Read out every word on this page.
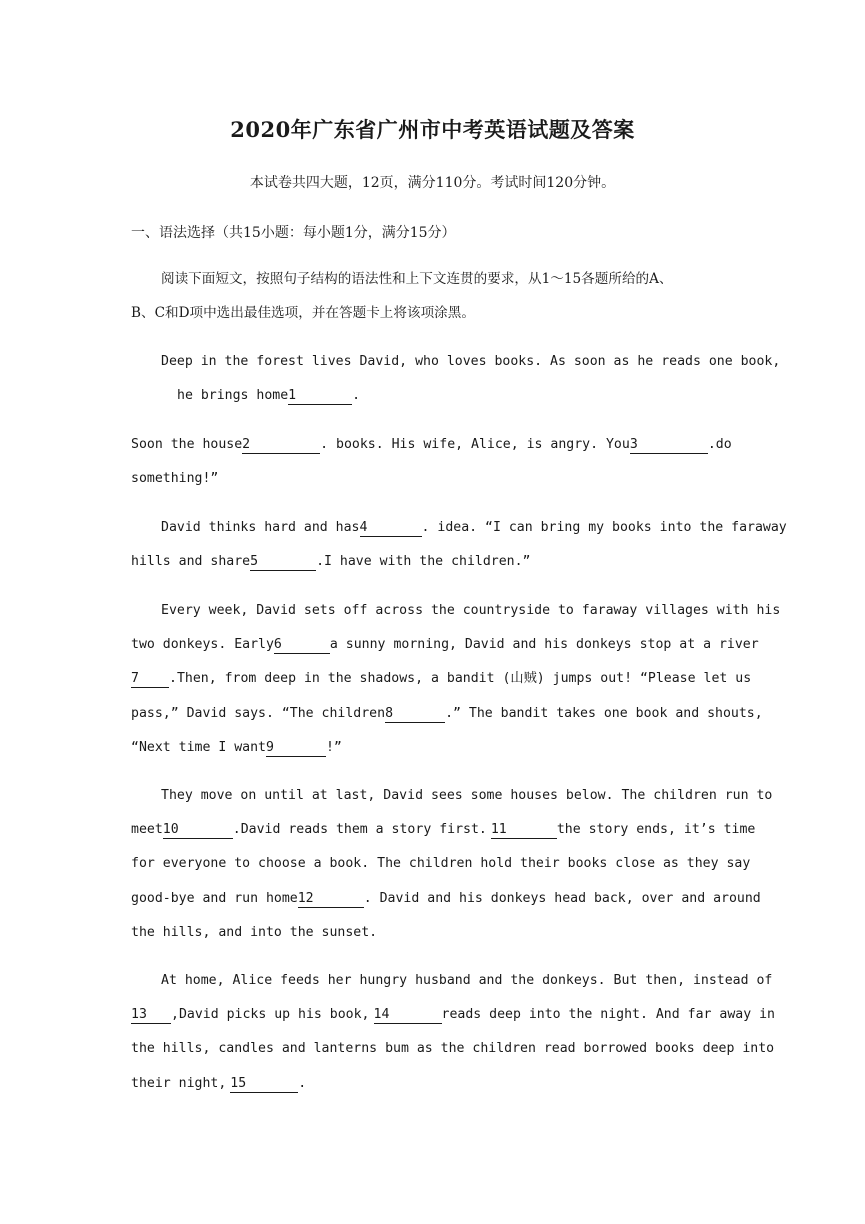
2020年广东省广州市中考英语试题及答案
本试卷共四大题，12页，满分110分。考试时间120分钟。
一、语法选择（共15小题：每小题1分，满分15分）
阅读下面短文，按照句子结构的语法性和上下文连贯的要求，从1～15各题所给的A、
B、C和D项中选出最佳选项，并在答题卡上将该项涂黑。
Deep in the forest lives David, who loves books. As soon as he reads one book,
he brings home1	.
Soon the house2	. books. His wife, Alice, is angry. You3	.do
something!”
David thinks hard and has4	. idea. “I can bring my books into the faraway
hills and share5	.I have with the children.”
Every week, David sets off across the countryside to faraway villages with his
two donkeys. Early6	a sunny morning, David and his donkeys stop at a river
7 .Then, from deep in the shadows, a bandit (山贼) jumps out! “Please let us
pass,” David says. “The children8	.” The bandit takes one book and shouts,
“Next time I want9	!”
They move on until at last, David sees some houses below. The children run to
meet10	.David reads them a story first. 11	the story ends, it’s time
for everyone to choose a book. The children hold their books close as they say
good-bye and run home12	. David and his donkeys head back, over and around
the hills, and into the sunset.
At home, Alice feeds her hungry husband and the donkeys. But then, instead of
13 ,David picks up his book, 14	reads deep into the night. And far away in
the hills, candles and lanterns bum as the children read borrowed books deep into
their night, 15	.
